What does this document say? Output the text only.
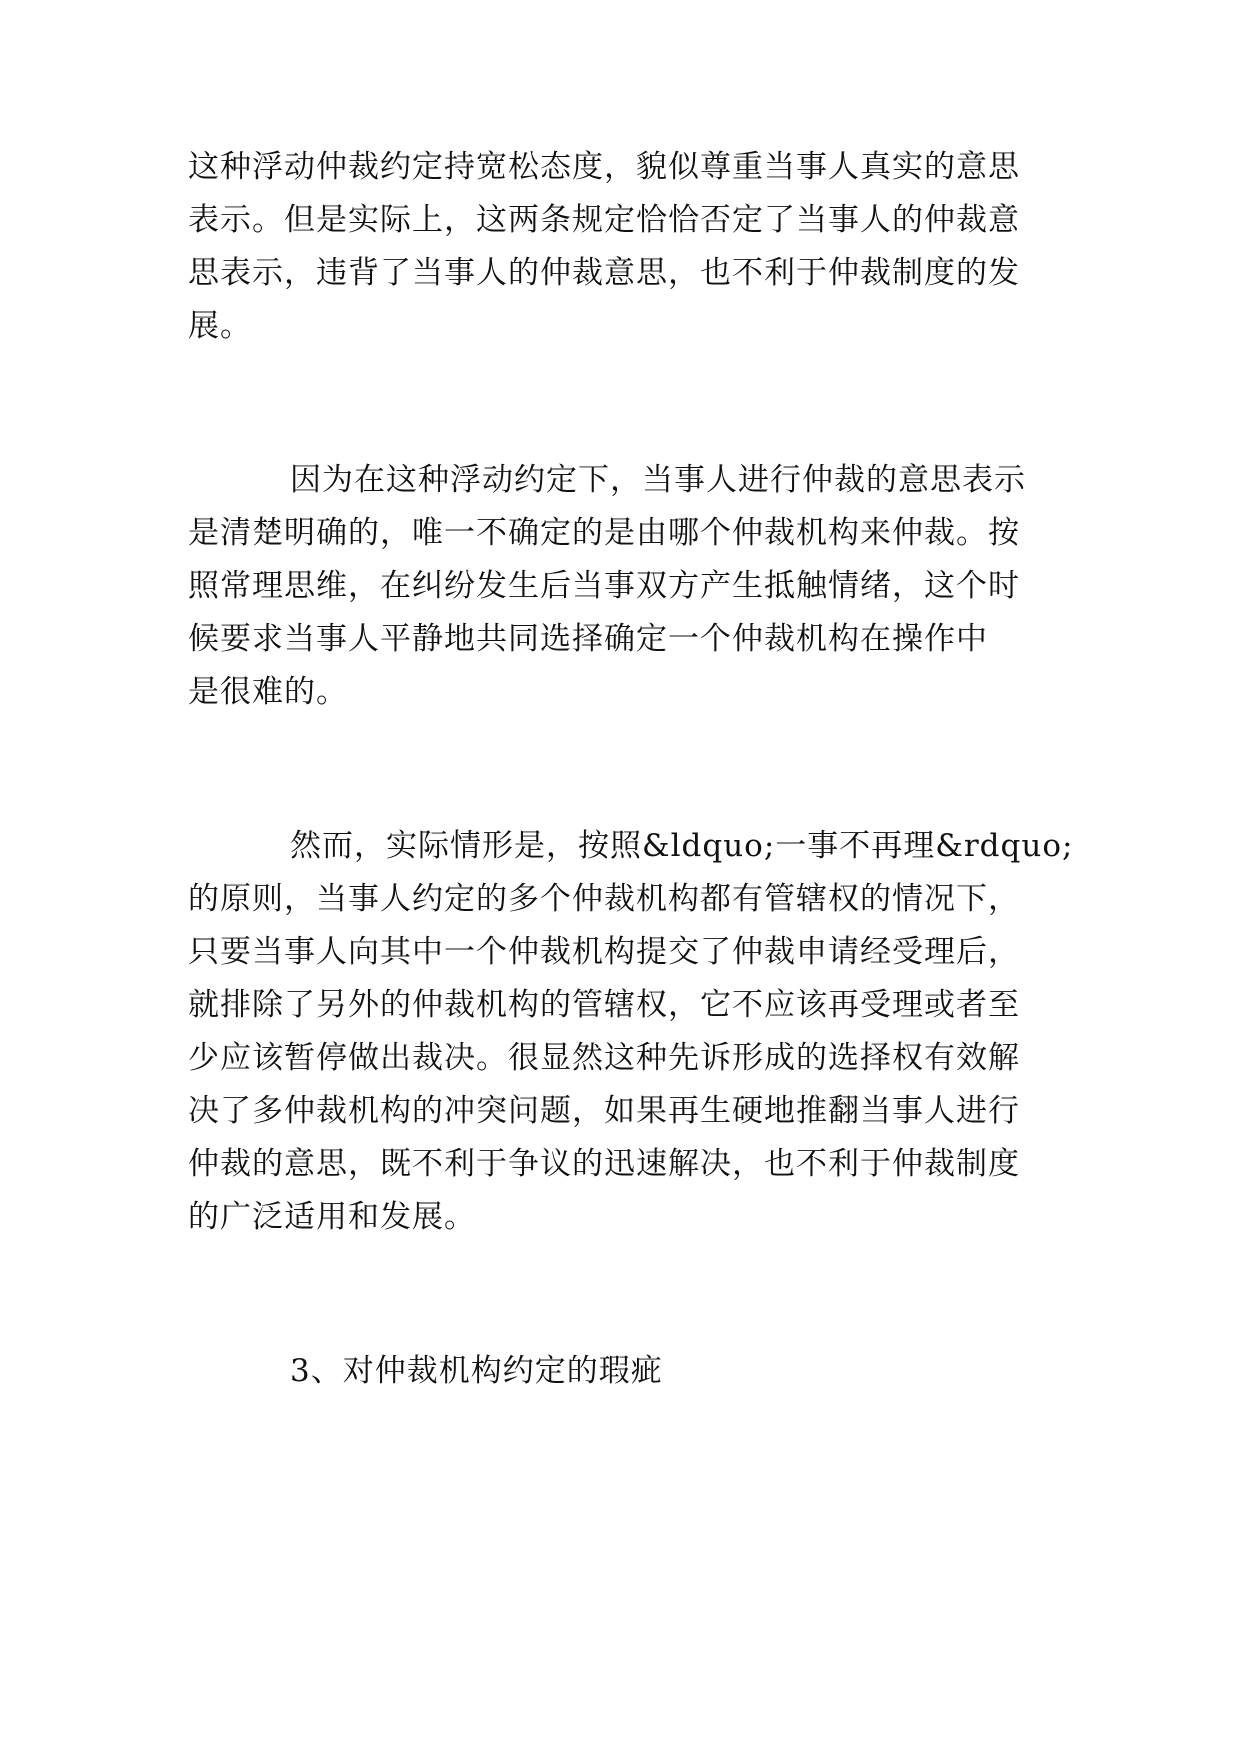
这种浮动仲裁约定持宽松态度，貌似尊重当事人真实的意思
表示。但是实际上，这两条规定恰恰否定了当事人的仲裁意
思表示，违背了当事人的仲裁意思，也不利于仲裁制度的发
展。
因为在这种浮动约定下，当事人进行仲裁的意思表示
是清楚明确的，唯一不确定的是由哪个仲裁机构来仲裁。按
照常理思维，在纠纷发生后当事双方产生抵触情绪，这个时
候要求当事人平静地共同选择确定一个仲裁机构在操作中
是很难的。
然而，实际情形是，按照&ldquo;一事不再理&rdquo;
的原则，当事人约定的多个仲裁机构都有管辖权的情况下，
只要当事人向其中一个仲裁机构提交了仲裁申请经受理后，
就排除了另外的仲裁机构的管辖权，它不应该再受理或者至
少应该暂停做出裁决。很显然这种先诉形成的选择权有效解
决了多仲裁机构的冲突问题，如果再生硬地推翻当事人进行
仲裁的意思，既不利于争议的迅速解决，也不利于仲裁制度
的广泛适用和发展。
3、对仲裁机构约定的瑕疵
